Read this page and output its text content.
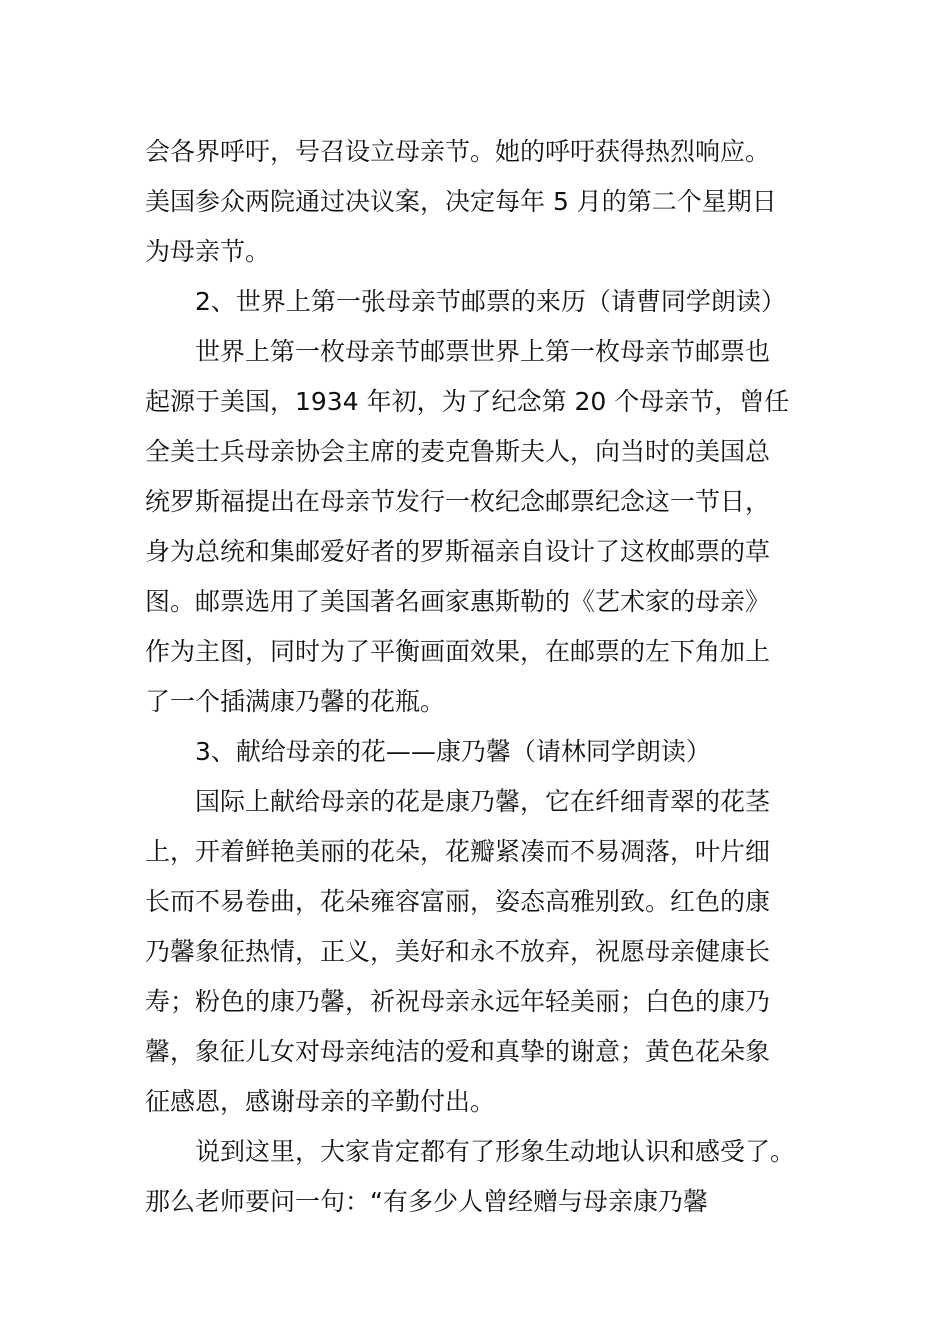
会各界呼吁，号召设立母亲节。她的呼吁获得热烈响应。
美国参众两院通过决议案，决定每年 5 月的第二个星期日
为母亲节。
　　2、世界上第一张母亲节邮票的来历（请曹同学朗读）
　　世界上第一枚母亲节邮票世界上第一枚母亲节邮票也
起源于美国，1934 年初，为了纪念第 20 个母亲节，曾任
全美士兵母亲协会主席的麦克鲁斯夫人，向当时的美国总
统罗斯福提出在母亲节发行一枚纪念邮票纪念这一节日，
身为总统和集邮爱好者的罗斯福亲自设计了这枚邮票的草
图。邮票选用了美国著名画家惠斯勒的《艺术家的母亲》
作为主图，同时为了平衡画面效果，在邮票的左下角加上
了一个插满康乃馨的花瓶。
　　3、献给母亲的花——康乃馨（请林同学朗读）
　　国际上献给母亲的花是康乃馨，它在纤细青翠的花茎
上，开着鲜艳美丽的花朵，花瓣紧凑而不易凋落，叶片细
长而不易卷曲，花朵雍容富丽，姿态高雅别致。红色的康
乃馨象征热情，正义，美好和永不放弃，祝愿母亲健康长
寿；粉色的康乃馨，祈祝母亲永远年轻美丽；白色的康乃
馨，象征儿女对母亲纯洁的爱和真挚的谢意；黄色花朵象
征感恩，感谢母亲的辛勤付出。
　　说到这里，大家肯定都有了形象生动地认识和感受了。
那么老师要问一句：“有多少人曾经赠与母亲康乃馨
